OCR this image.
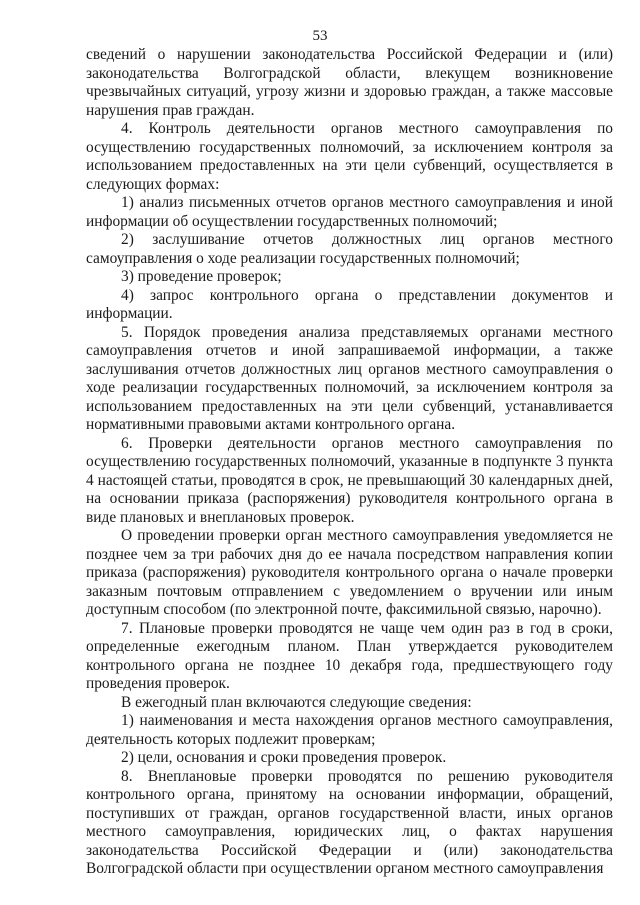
53

сведений о нарушении законодательства Российской Федерации и (или) законодательства Волгоградской области, влекущем возникновение чрезвычайных ситуаций, угрозу жизни и здоровью граждан, а также массовые нарушения прав граждан.

4. Контроль деятельности органов местного самоуправления по осуществлению государственных полномочий, за исключением контроля за использованием предоставленных на эти цели субвенций, осуществляется в следующих формах:

1) анализ письменных отчетов органов местного самоуправления и иной информации об осуществлении государственных полномочий;

2) заслушивание отчетов должностных лиц органов местного самоуправления о ходе реализации государственных полномочий;

3) проведение проверок;

4) запрос контрольного органа о представлении документов и информации.

5. Порядок проведения анализа представляемых органами местного самоуправления отчетов и иной запрашиваемой информации, а также заслушивания отчетов должностных лиц органов местного самоуправления о ходе реализации государственных полномочий, за исключением контроля за использованием предоставленных на эти цели субвенций, устанавливается нормативными правовыми актами контрольного органа.

6. Проверки деятельности органов местного самоуправления по осуществлению государственных полномочий, указанные в подпункте 3 пункта 4 настоящей статьи, проводятся в срок, не превышающий 30 календарных дней, на основании приказа (распоряжения) руководителя контрольного органа в виде плановых и внеплановых проверок.

О проведении проверки орган местного самоуправления уведомляется не позднее чем за три рабочих дня до ее начала посредством направления копии приказа (распоряжения) руководителя контрольного органа о начале проверки заказным почтовым отправлением с уведомлением о вручении или иным доступным способом (по электронной почте, факсимильной связью, нарочно).

7. Плановые проверки проводятся не чаще чем один раз в год в сроки, определенные ежегодным планом. План утверждается руководителем контрольного органа не позднее 10 декабря года, предшествующего году проведения проверок.

В ежегодный план включаются следующие сведения:

1) наименования и места нахождения органов местного самоуправления, деятельность которых подлежит проверкам;

2) цели, основания и сроки проведения проверок.

8. Внеплановые проверки проводятся по решению руководителя контрольного органа, принятому на основании информации, обращений, поступивших от граждан, органов государственной власти, иных органов местного самоуправления, юридических лиц, о фактах нарушения законодательства Российской Федерации и (или) законодательства Волгоградской области при осуществлении органом местного самоуправления
